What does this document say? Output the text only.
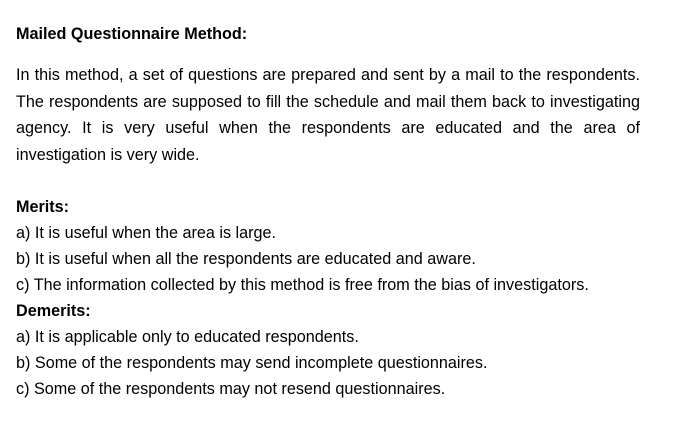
Mailed Questionnaire Method:
In this method, a set of questions are prepared and sent by a mail to the respondents. The respondents are supposed to fill the schedule and mail them back to investigating agency. It is very useful when the respondents are educated and the area of investigation is very wide.
Merits:
a) It is useful when the area is large.
b) It is useful when all the respondents are educated and aware.
c) The information collected by this method is free from the bias of investigators.
Demerits:
a) It is applicable only to educated respondents.
b) Some of the respondents may send incomplete questionnaires.
c) Some of the respondents may not resend questionnaires.
